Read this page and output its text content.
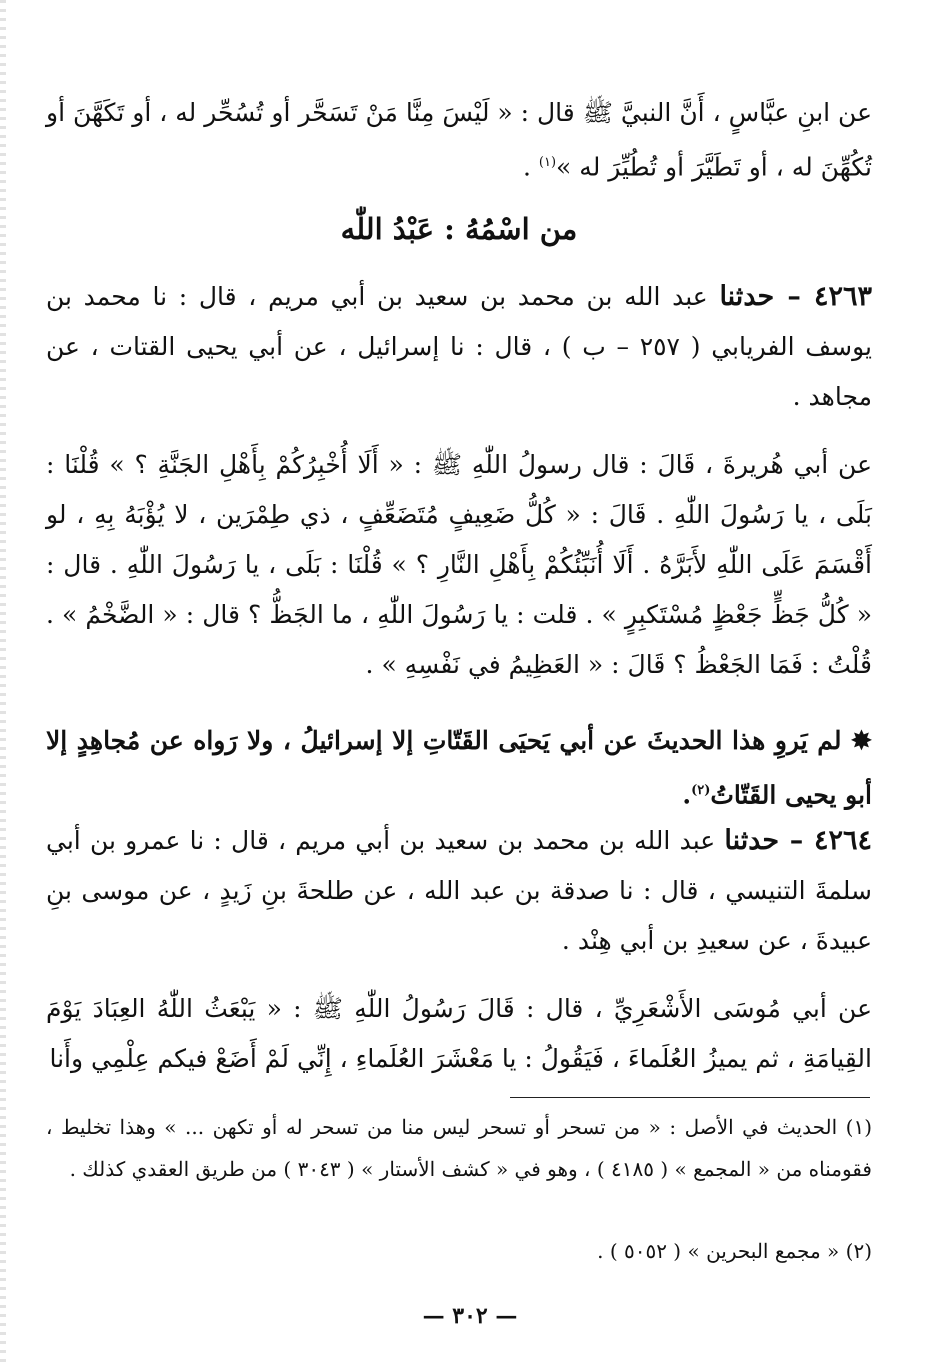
عن ابنِ عبَّاسٍ ، أَنَّ النبيَّ ﷺ قال : « لَيْسَ مِنَّا مَنْ تَسَحَّر أو تُسُحِّر له ، أو تَكَهَّنَ أو تُكُهِّنَ له ، أو تَطَيَّرَ أو تُطُيِّرَ له »$^{(١)}$ .
من اسْمُهُ : عَبْدُ اللّٰه
٤٢٦٣ – حدثنا عبد الله بن محمد بن سعيد بن أبي مريم ، قال : نا محمد بن يوسف الفريابي ( ٢٥٧ – ب ) ، قال : نا إسرائيل ، عن أبي يحيى القتات ، عن مجاهد .
عن أبي هُريرةَ ، قَالَ : قال رسولُ اللّٰهِ ﷺ : « أَلَا أُخْبِرُكُمْ بِأَهْلِ الجَنَّةِ ؟ » قُلْنَا : بَلَى ، يا رَسُولَ اللّٰهِ . قَالَ : « كُلُّ ضَعِيفٍ مُتَضَعِّفٍ ، ذي طِمْرَين ، لا يُؤْبَهُ بِهِ ، لو أَقْسَمَ عَلَى اللّٰهِ لأَبَرَّهُ . أَلَا أُنَبِّئُكُمْ بِأَهْلِ النَّارِ ؟ » قُلْنَا : بَلَى ، يا رَسُولَ اللّٰهِ . قال : « كُلُّ جَظٍّ جَعْظٍ مُسْتَكبِرٍ » . قلت : يا رَسُولَ اللّٰهِ ، ما الجَظُّ ؟ قال : « الضَّخْمُ » . قُلْتُ : فَمَا الجَعْظُ ؟ قَالَ : « العَظِيمُ في نَفْسِهِ » .
✸ لم يَروِ هذا الحديثَ عن أبي يَحيَى القَتّاتِ إلا إسرائيلُ ، ولا رَواه عن مُجاهِدٍ إلا أبو يحيى القَتّاتُ$^{(٢)}$.
٤٢٦٤ – حدثنا عبد الله بن محمد بن سعيد بن أبي مريم ، قال : نا عمرو بن أبي سلمةَ التنيسي ، قال : نا صدقة بن عبد الله ، عن طلحةَ بنِ زَيدٍ ، عن موسى بنِ عبيدةَ ، عن سعيدِ بن أبي هِنْد .
عن أبي مُوسَى الأَشْعَرِيِّ ، قال : قَالَ رَسُولُ اللّٰهِ ﷺ : « يَبْعَثُ اللّٰهُ العِبَادَ يَوْمَ القِيامَةِ ، ثم يميزُ العُلَماءَ ، فَيَقُولُ : يا مَعْشَرَ العُلَماءِ ، إِنِّي لَمْ أَضَعْ فيكم عِلْمِي وأَنا
(١) الحديث في الأصل : « من تسحر أو تسحر ليس منا من تسحر له أو تكهن ... » وهذا تخليط ، فقومناه من « المجمع » ( ٤١٨٥ ) ، وهو في « كشف الأستار » ( ٣٠٤٣ ) من طريق العقدي كذلك .
(٢) « مجمع البحرين » ( ٥٠٥٢ ) .
— ٣٠٢ —
